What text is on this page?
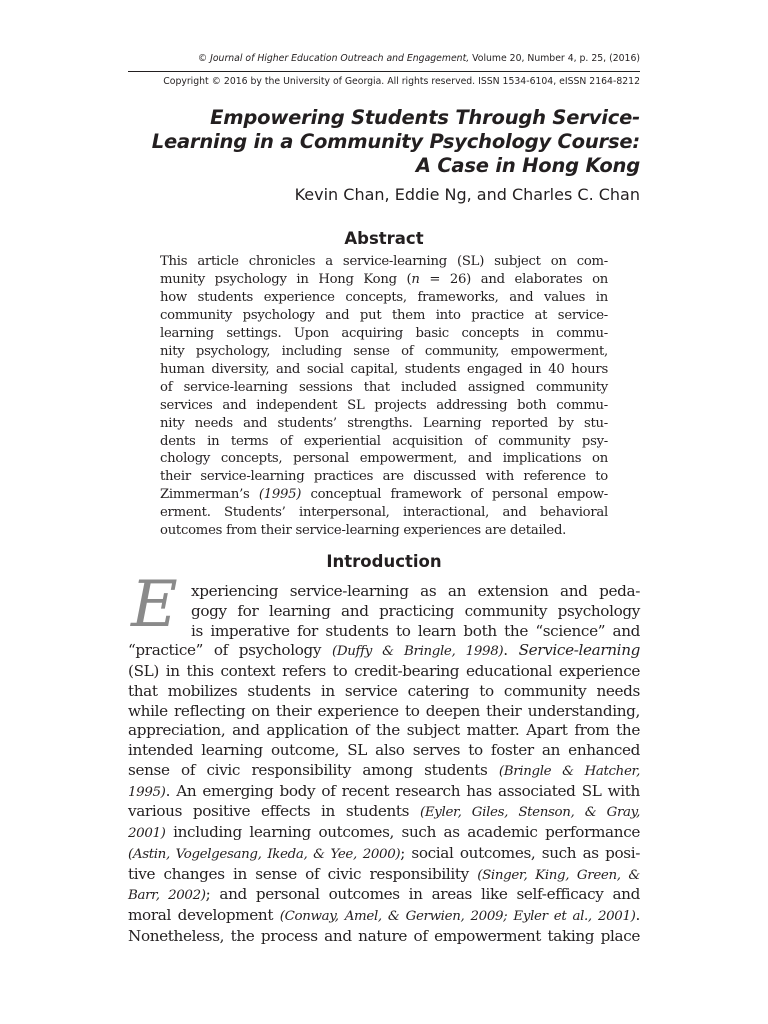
© Journal of Higher Education Outreach and Engagement, Volume 20, Number 4, p. 25, (2016)
Copyright © 2016 by the University of Georgia. All rights reserved. ISSN 1534-6104, eISSN 2164-8212
Empowering Students Through Service-
Learning in a Community Psychology Course:
A Case in Hong Kong
Kevin Chan, Eddie Ng, and Charles C. Chan
Abstract
This article chronicles a service-learning (SL) subject on com-
munity psychology in Hong Kong (n = 26) and elaborates on
how students experience concepts, frameworks, and values in
community psychology and put them into practice at service-
learning settings. Upon acquiring basic concepts in commu-
nity psychology, including sense of community, empowerment,
human diversity, and social capital, students engaged in 40 hours
of service-learning sessions that included assigned community
services and independent SL projects addressing both commu-
nity needs and students’ strengths. Learning reported by stu-
dents in terms of experiential acquisition of community psy-
chology concepts, personal empowerment, and implications on
their service-learning practices are discussed with reference to
Zimmerman’s (1995) conceptual framework of personal empow-
erment. Students’ interpersonal, interactional, and behavioral
outcomes from their service-learning experiences are detailed.
Introduction
E xperiencing service-learning as an extension and peda-
gogy for learning and practicing community psychology
is imperative for students to learn both the “science” and
“practice” of psychology (Duffy & Bringle, 1998). Service-learning
(SL) in this context refers to credit-bearing educational experience
that mobilizes students in service catering to community needs
while reflecting on their experience to deepen their understanding,
appreciation, and application of the subject matter. Apart from the
intended learning outcome, SL also serves to foster an enhanced
sense of civic responsibility among students (Bringle & Hatcher,
1995). An emerging body of recent research has associated SL with
various positive effects in students (Eyler, Giles, Stenson, & Gray,
2001) including learning outcomes, such as academic performance
(Astin, Vogelgesang, Ikeda, & Yee, 2000); social outcomes, such as posi-
tive changes in sense of civic responsibility (Singer, King, Green, &
Barr, 2002); and personal outcomes in areas like self-efficacy and
moral development (Conway, Amel, & Gerwien, 2009; Eyler et al., 2001).
Nonetheless, the process and nature of empowerment taking place
